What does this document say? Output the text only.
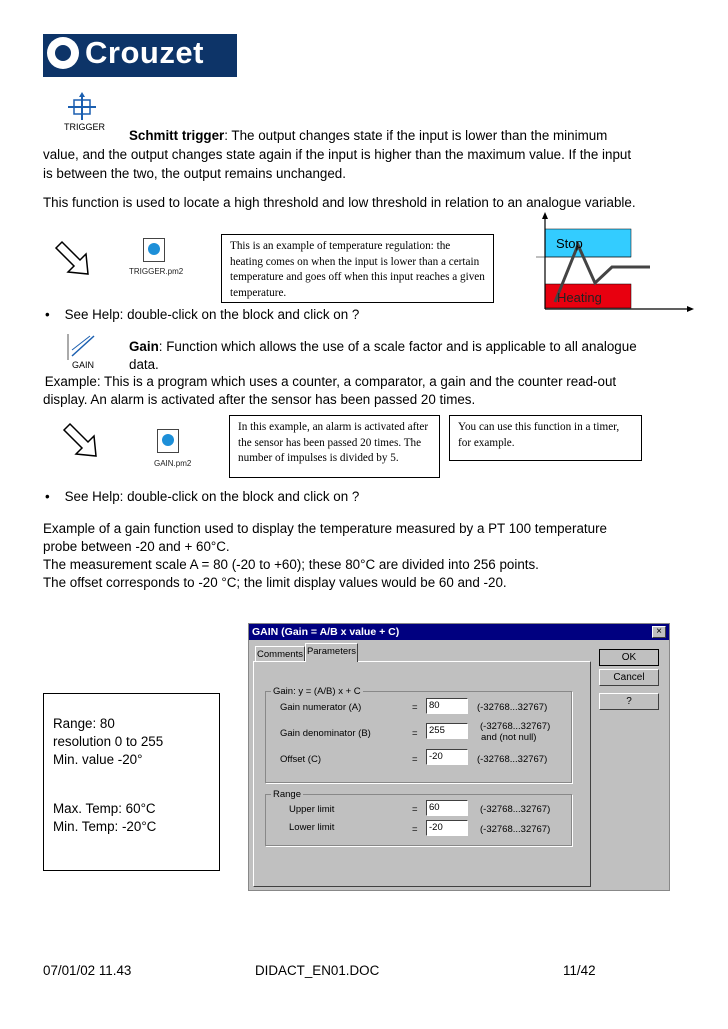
Crouzet
TRIGGER
Schmitt trigger: The output changes state if the input is lower than the minimum
value, and the output changes state again if the input is higher than the maximum value. If the input
is between the two, the output remains unchanged.
This function is used to locate a high threshold and low threshold in relation to an analogue variable.
TRIGGER.pm2
This is an example of temperature regulation: the heating comes on when the input is lower than a certain temperature and goes off when this input reaches a given temperature.
Stop
Heating
•    See Help: double-click on the block and click on ?
GAIN
Gain: Function which allows the use of a scale factor and is applicable to all analogue
data.
Example: This is a program which uses a counter, a comparator, a gain and the counter read-out
display. An alarm is activated after the sensor has been passed 20 times.
GAIN.pm2
In this example, an alarm is activated after the sensor has been passed 20 times. The number of impulses is divided by 5.
You can use this function in a timer, for example.
•    See Help: double-click on the block and click on ?
Example of a gain function used to display the temperature measured by a PT 100 temperature
probe between -20 and + 60°C.
The measurement scale A = 80 (-20 to +60); these 80°C are divided into 256 points.
The offset corresponds to -20 °C; the limit display values would be 60 and -20.
Range: 80
resolution 0 to 255
Min. value -20°
Max. Temp: 60°C
Min. Temp: -20°C
GAIN (Gain = A/B x value + C)	×
Comments Parameters
OK
Cancel
?
Gain: y = (A/B) x + C
Gain numerator (A)	=	80	(-32768...32767)
Gain denominator (B)	=	255	(-32768...32767)
and (not null)
Offset (C)	=	-20	(-32768...32767)
Range
Upper limit	=	60	(-32768...32767)
Lower limit	=	-20	(-32768...32767)
07/01/02 11.43	DIDACT_EN01.DOC	11/42
